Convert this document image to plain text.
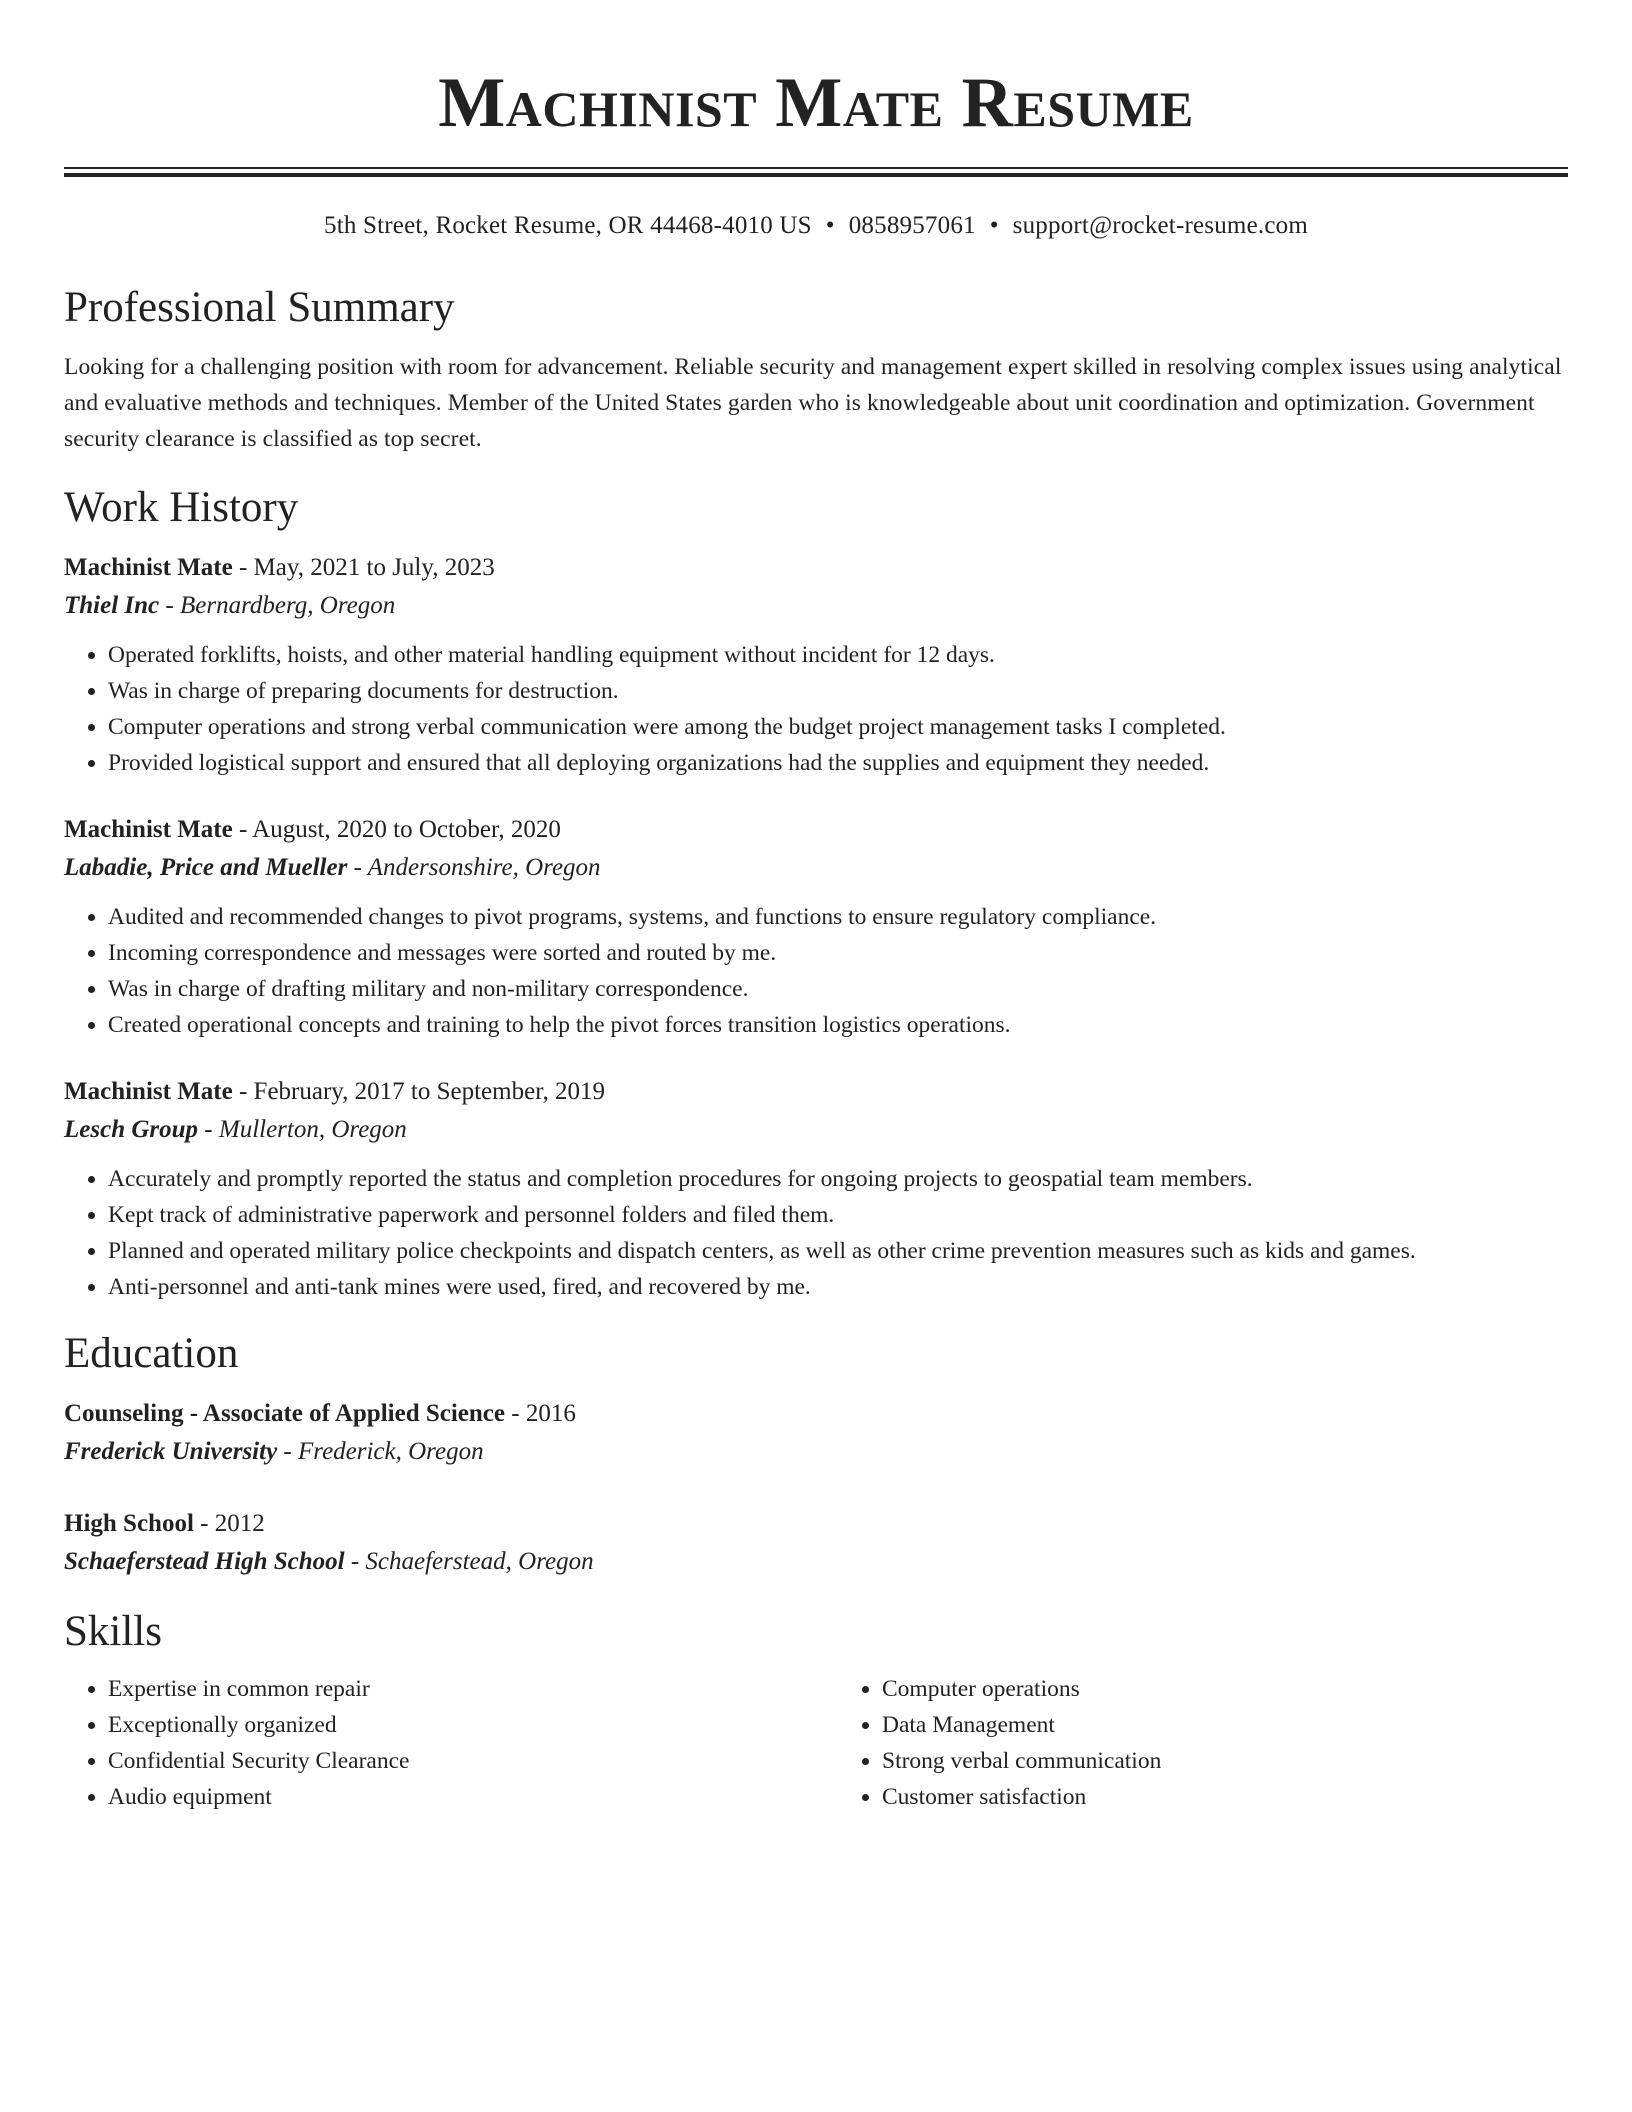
Machinist Mate Resume
5th Street, Rocket Resume, OR 44468-4010 US • 0858957061 • support@rocket-resume.com
Professional Summary
Looking for a challenging position with room for advancement. Reliable security and management expert skilled in resolving complex issues using analytical and evaluative methods and techniques. Member of the United States garden who is knowledgeable about unit coordination and optimization. Government security clearance is classified as top secret.
Work History
Machinist Mate - May, 2021 to July, 2023
Thiel Inc - Bernardberg, Oregon
• Operated forklifts, hoists, and other material handling equipment without incident for 12 days.
• Was in charge of preparing documents for destruction.
• Computer operations and strong verbal communication were among the budget project management tasks I completed.
• Provided logistical support and ensured that all deploying organizations had the supplies and equipment they needed.
Machinist Mate - August, 2020 to October, 2020
Labadie, Price and Mueller - Andersonshire, Oregon
• Audited and recommended changes to pivot programs, systems, and functions to ensure regulatory compliance.
• Incoming correspondence and messages were sorted and routed by me.
• Was in charge of drafting military and non-military correspondence.
• Created operational concepts and training to help the pivot forces transition logistics operations.
Machinist Mate - February, 2017 to September, 2019
Lesch Group - Mullerton, Oregon
• Accurately and promptly reported the status and completion procedures for ongoing projects to geospatial team members.
• Kept track of administrative paperwork and personnel folders and filed them.
• Planned and operated military police checkpoints and dispatch centers, as well as other crime prevention measures such as kids and games.
• Anti-personnel and anti-tank mines were used, fired, and recovered by me.
Education
Counseling - Associate of Applied Science - 2016
Frederick University - Frederick, Oregon
High School - 2012
Schaeferstead High School - Schaeferstead, Oregon
Skills
• Expertise in common repair
• Exceptionally organized
• Confidential Security Clearance
• Audio equipment
• Computer operations
• Data Management
• Strong verbal communication
• Customer satisfaction
